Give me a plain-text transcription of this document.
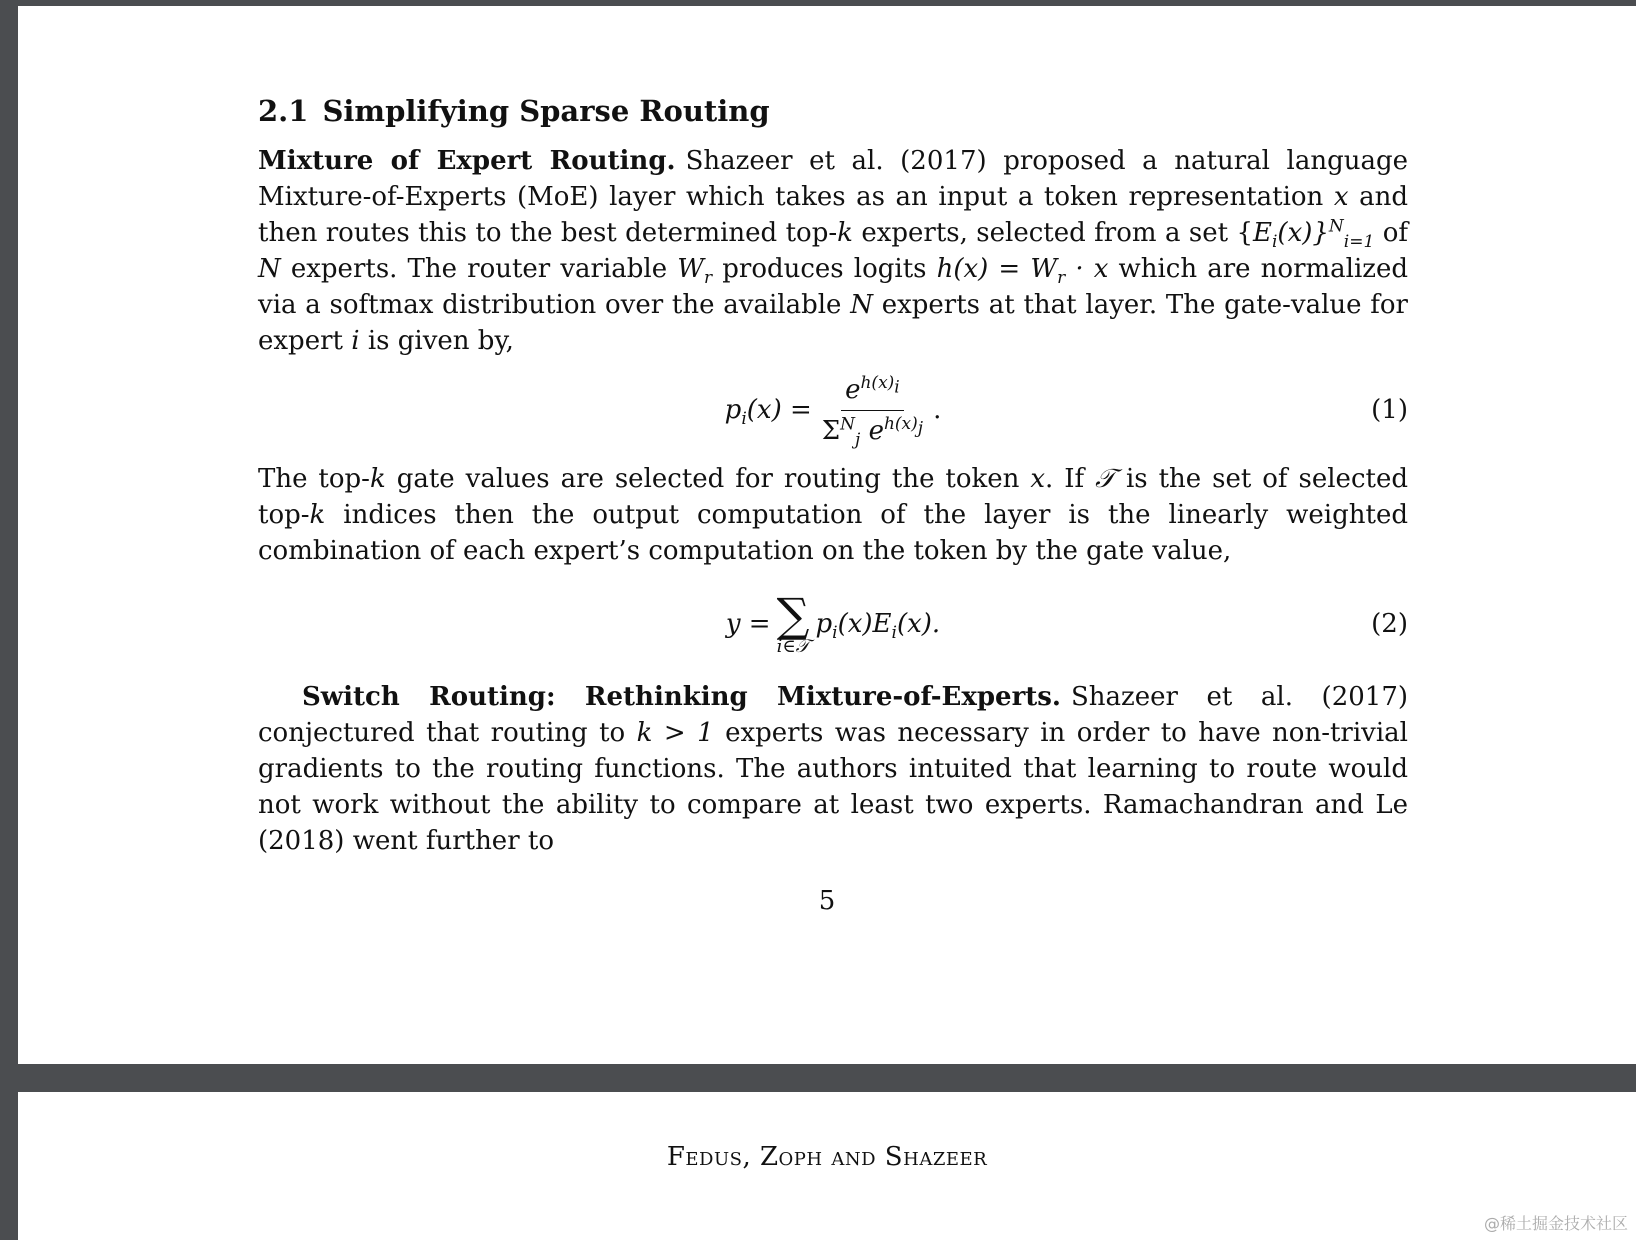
2.1 Simplifying Sparse Routing

Mixture of Expert Routing. Shazeer et al. (2017) proposed a natural language Mixture-of-Experts (MoE) layer which takes as an input a token representation x and then routes this to the best determined top-k experts, selected from a set $\{E_i(x)\}^N_{i=1}$ of N experts. The router variable $W_r$ produces logits $h(x) = W_r \cdot x$ which are normalized via a softmax distribution over the available N experts at that layer. The gate-value for expert i is given by,

$p_i(x) = \frac{e^{h(x)_i}}{\Sigma^N_j e^{h(x)_j}}$ .	(1)

The top-k gate values are selected for routing the token x. If 𝒯 is the set of selected top-k indices then the output computation of the layer is the linearly weighted combination of each expert’s computation on the token by the gate value,

y = ∑
i∈𝒯
$p_i(x)E_i(x)$.	(2)

Switch Routing: Rethinking Mixture-of-Experts. Shazeer et al. (2017) conjectured that routing to k > 1 experts was necessary in order to have non-trivial gradients to the routing functions. The authors intuited that learning to route would not work without the ability to compare at least two experts. Ramachandran and Le (2018) went further to

5
Fedus, Zoph and Shazeer
@稀土掘金技术社区
